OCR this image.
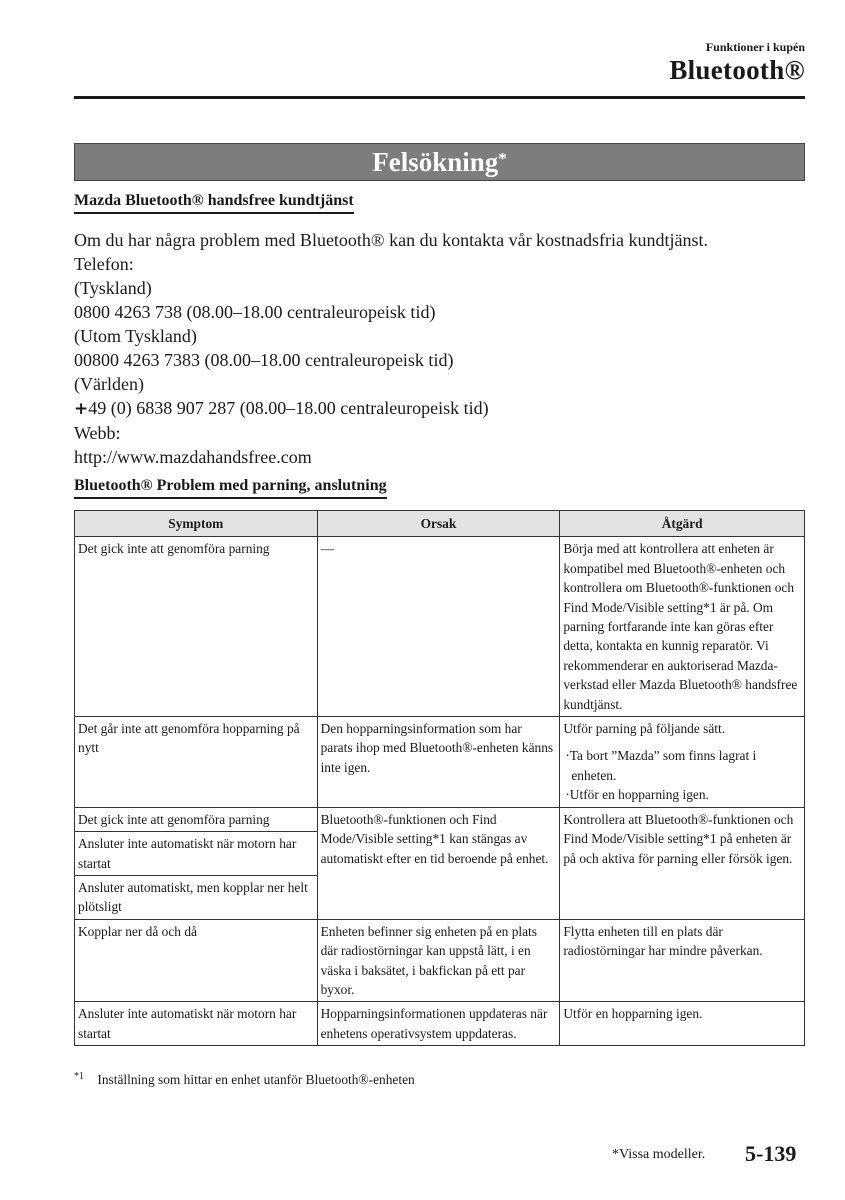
Funktioner i kupén
Bluetooth®
Felsökning*
Mazda Bluetooth® handsfree kundtjänst
Om du har några problem med Bluetooth® kan du kontakta vår kostnadsfria kundtjänst.
Telefon:
(Tyskland)
0800 4263 738 (08.00–18.00 centraleuropeisk tid)
(Utom Tyskland)
00800 4263 7383 (08.00–18.00 centraleuropeisk tid)
(Världen)
+49 (0) 6838 907 287 (08.00–18.00 centraleuropeisk tid)
Webb:
http://www.mazdahandsfree.com
Bluetooth® Problem med parning, anslutning
Symptom	Orsak	Åtgärd
Det gick inte att genomföra parning	—	Börja med att kontrollera att enheten är kompatibel med Bluetooth®-enheten och kontrollera om Bluetooth®-funktionen och Find Mode/Visible setting*1 är på. Om parning fortfarande inte kan göras efter detta, kontakta en kunnig reparatör. Vi rekommenderar en auktoriserad Mazda-verkstad eller Mazda Bluetooth® handsfree kundtjänst.
Det går inte att genomföra hopparning på nytt	Den hopparningsinformation som har parats ihop med Bluetooth®-enheten känns inte igen.	Utför parning på följande sätt.
·Ta bort ”Mazda” som finns lagrat i enheten.
·Utför en hopparning igen.

Det gick inte att genomföra parning	Bluetooth®-funktionen och Find Mode/Visible setting*1 kan stängas av automatiskt efter en tid beroende på enhet.	Kontrollera att Bluetooth®-funktionen och Find Mode/Visible setting*1 på enheten är på och aktiva för parning eller försök igen.
Ansluter inte automatiskt när motorn har startat		
Ansluter automatiskt, men kopplar ner helt plötsligt		
Kopplar ner då och då	Enheten befinner sig enheten på en plats där radiostörningar kan uppstå lätt, i en väska i baksätet, i bakfickan på ett par byxor.	Flytta enheten till en plats där radiostörningar har mindre påverkan.
Ansluter inte automatiskt när motorn har startat	Hopparningsinformationen uppdateras när enhetens operativsystem uppdateras.	Utför en hopparning igen.
$^{*1}$ Inställning som hittar en enhet utanför Bluetooth®-enheten
*Vissa modeller. 5-139
